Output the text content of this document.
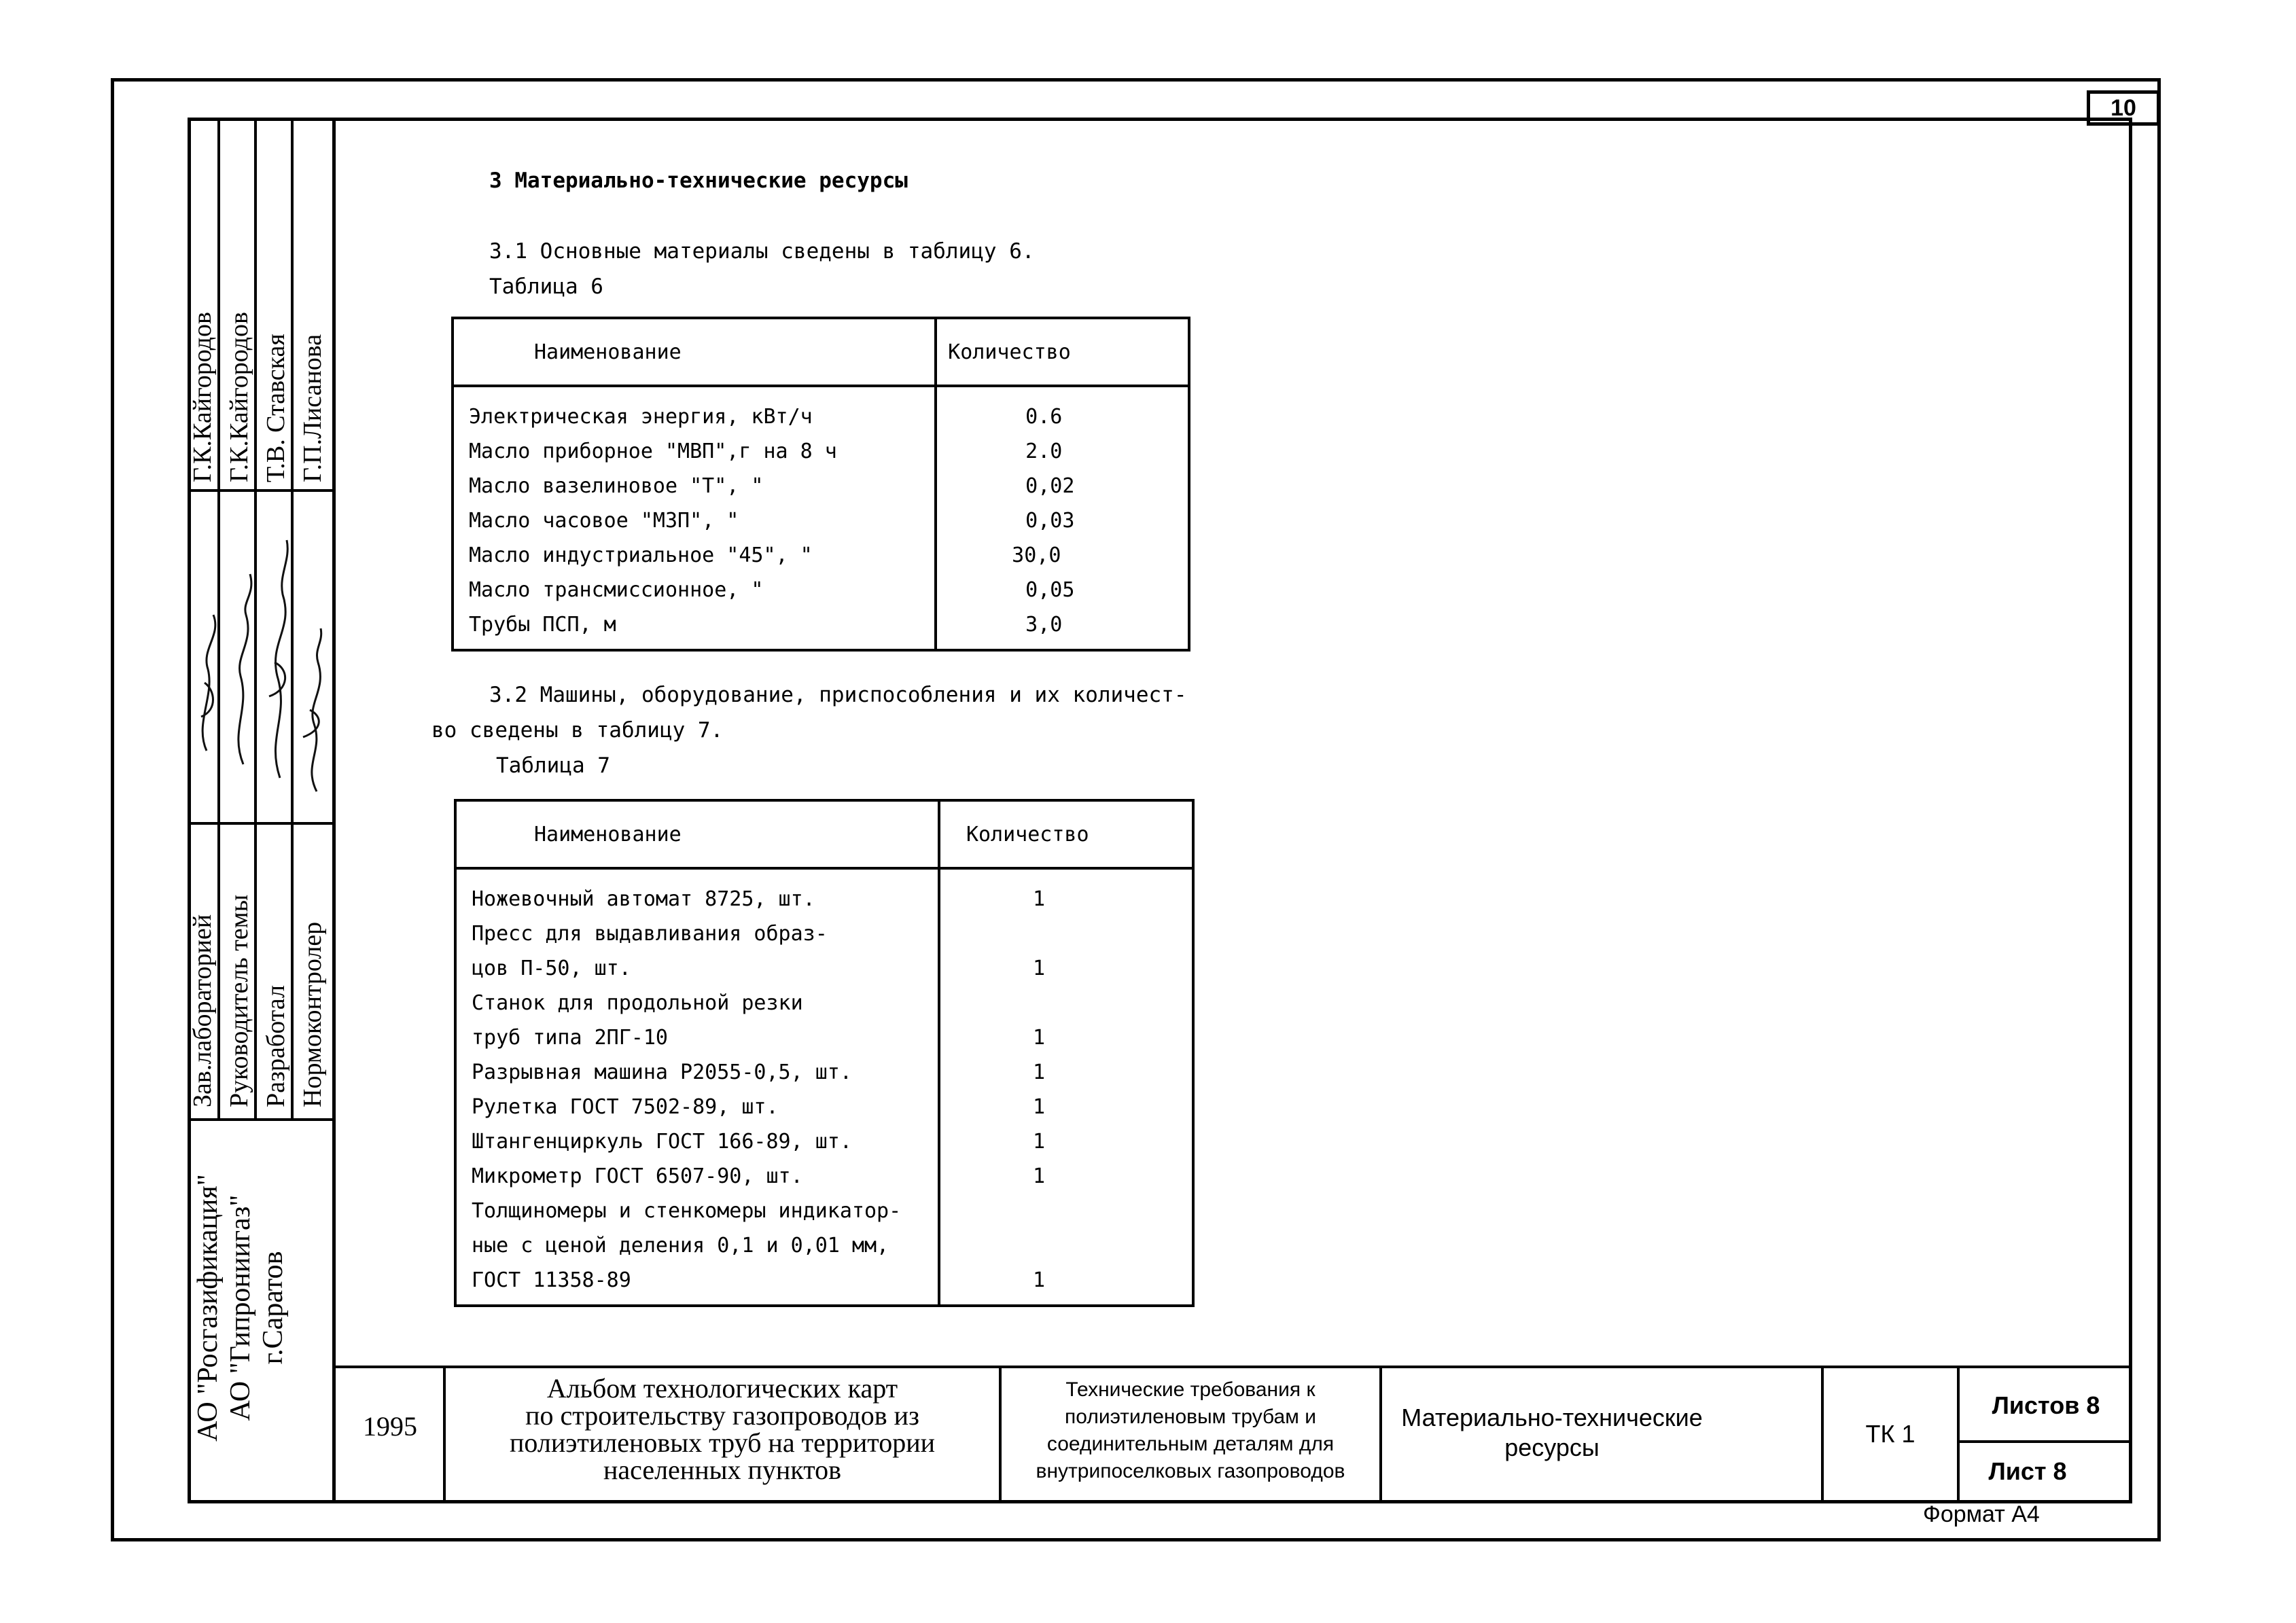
10
Г.К.Кайгородов Г.К.Кайгородов Т.В. Ставская Г.П.Лисанова
Зав.лабораторией Руководитель темы Разработал Нормоконтролер
АО "Росгазификация" АО "Гипрониигаз" г.Саратов
3 Материально-технические ресурсы
3.1 Основные материалы сведены в таблицу 6.
Таблица 6
Наименование	Количество
Электрическая энергия, кВт/ч	0.6
Масло приборное "МВП",г на 8 ч	2.0
Масло вазелиновое "Т", "	0,02
Масло часовое "МЗП", "	0,03
Масло индустриальное "45", "	30,0
Масло трансмиссионное, "	0,05
Трубы ПСП, м	3,0
3.2 Машины, оборудование, приспособления и их количест-
во сведены в таблицу 7.
Таблица 7
Наименование	Количество
Ножевочный автомат 8725, шт.	1
Пресс для выдавливания образ-	
цов П-50, шт.	1
Станок для продольной резки	
труб типа 2ПГ-10	1
Разрывная машина Р2055-0,5, шт.	1
Рулетка ГОСТ 7502-89, шт.	1
Штангенциркуль ГОСТ 166-89, шт.	1
Микрометр ГОСТ 6507-90, шт.	1
Толщиномеры и стенкомеры индикатор-	
ные с ценой деления 0,1 и 0,01 мм,	
ГОСТ 11358-89	1
1995
Альбом технологических карт
по строительству газопроводов из
полиэтиленовых труб на территории
населенных пунктов
Технические требования к
полиэтиленовым трубам и
соединительным деталям для
внутрипоселковых газопроводов
Материально-технические
ресурсы	ТК 1
Листов 8
Лист 8
Формат А4
